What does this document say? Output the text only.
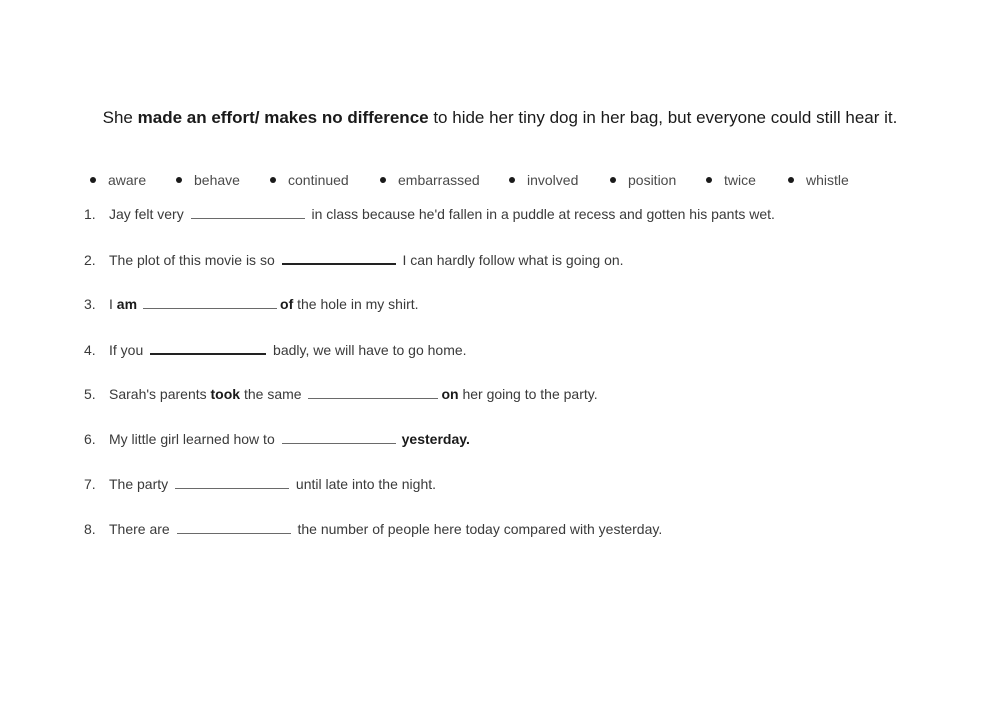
She made an effort/ makes no difference to hide her tiny dog in her bag, but everyone could still hear it.
aware	behave	continued	embarrassed	involved	position	twice	whistle
1. Jay felt very	in class because he'd fallen in a puddle at recess and gotten his pants wet.
2. The plot of this movie is so	I can hardly follow what is going on.
3. I am	of the hole in my shirt.
4. If you	badly, we will have to go home.
5. Sarah's parents took the same	on her going to the party.
6. My little girl learned how to	yesterday.
7. The party	until late into the night.
8. There are	the number of people here today compared with yesterday.
